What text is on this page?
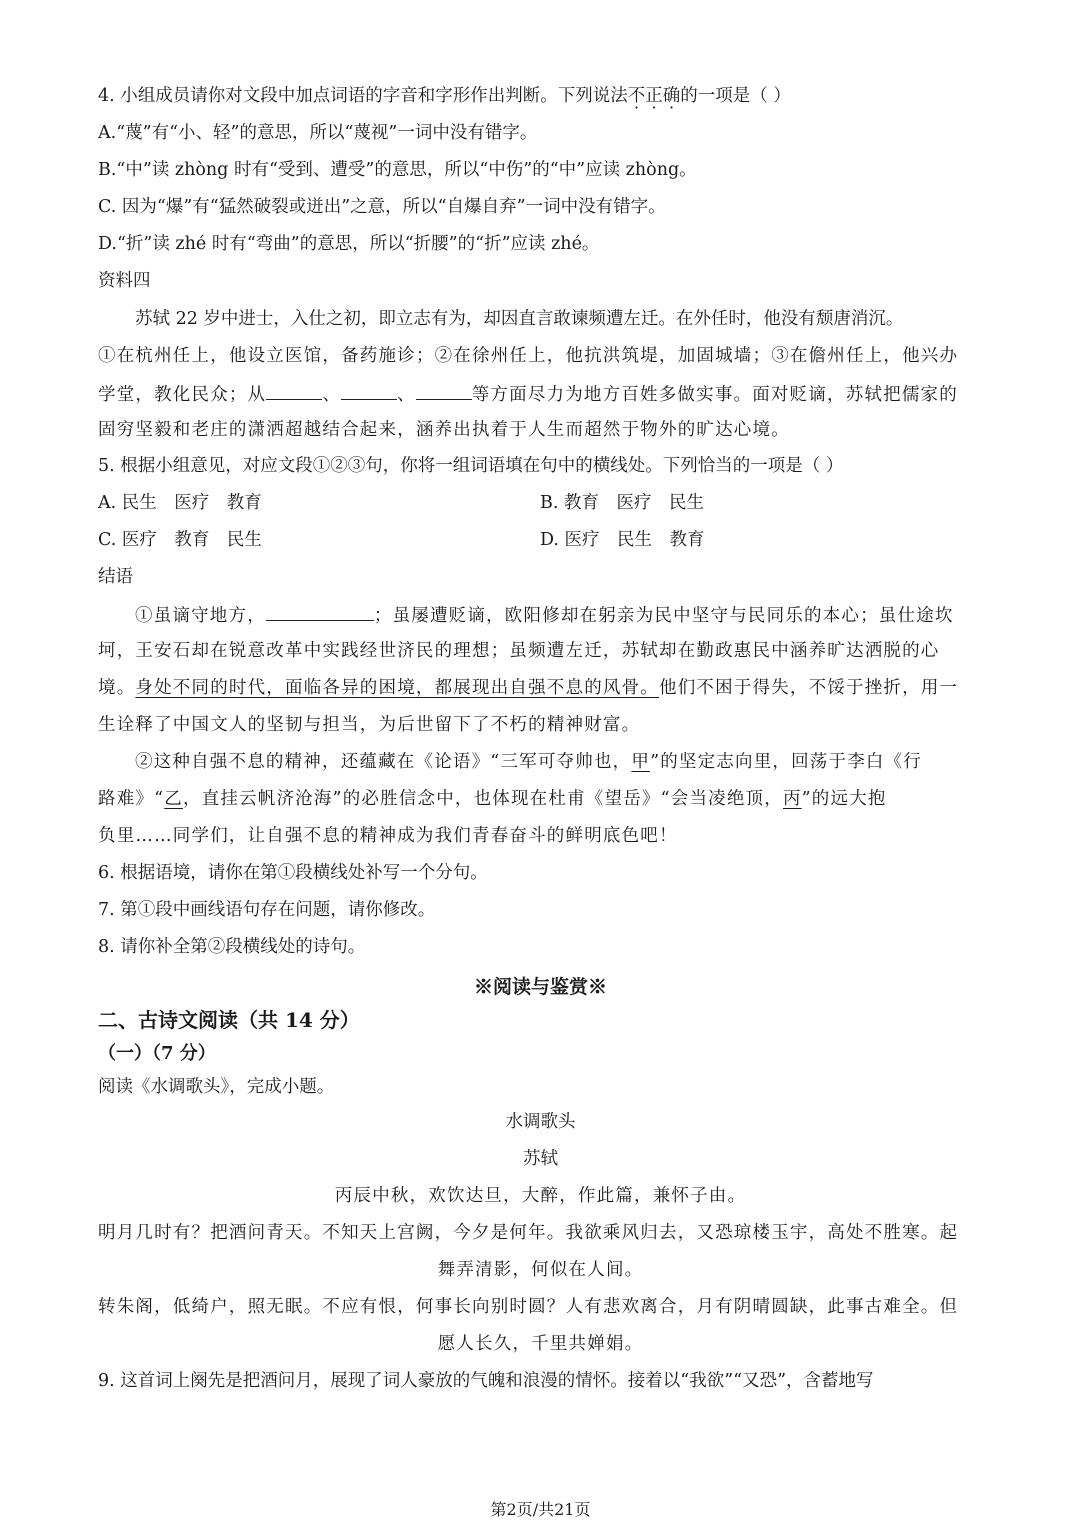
4. 小组成员请你对文段中加点词语的字音和字形作出判断。下列说法不正确的一项是（ ）
A.“蔑”有“小、轻”的意思，所以“蔑视”一词中没有错字。
B.“中”读 zhòng 时有“受到、遭受”的意思，所以“中伤”的“中”应读 zhòng。
C. 因为“爆”有“猛然破裂或迸出”之意，所以“自爆自弃”一词中没有错字。
D.“折”读 zhé 时有“弯曲”的意思，所以“折腰”的“折”应读 zhé。
资料四
苏轼 22 岁中进士，入仕之初，即立志有为，却因直言敢谏频遭左迁。在外任时，他没有颓唐消沉。
①在杭州任上，他设立医馆，备药施诊；②在徐州任上，他抗洪筑堤，加固城墙；③在儋州任上，他兴办
学堂，教化民众；从	、	、	等方面尽力为地方百姓多做实事。面对贬谪，苏轼把儒家的
固穷坚毅和老庄的潇洒超越结合起来，涵养出执着于人生而超然于物外的旷达心境。
5. 根据小组意见，对应文段①②③句，你将一组词语填在句中的横线处。下列恰当的一项是（ ）
A. 民生　医疗　教育	B. 教育　医疗　民生
C. 医疗　教育　民生	D. 医疗　民生　教育
结语
①虽谪守地方，	；虽屡遭贬谪，欧阳修却在躬亲为民中坚守与民同乐的本心；虽仕途坎
坷，王安石却在锐意改革中实践经世济民的理想；虽频遭左迁，苏轼却在勤政惠民中涵养旷达洒脱的心
境。身处不同的时代，面临各异的困境，都展现出自强不息的风骨。他们不困于得失，不馁于挫折，用一
生诠释了中国文人的坚韧与担当，为后世留下了不朽的精神财富。
②这种自强不息的精神，还蕴藏在《论语》“三军可夺帅也，甲”的坚定志向里，回荡于李白《行
路难》“乙，直挂云帆济沧海”的必胜信念中，也体现在杜甫《望岳》“会当凌绝顶，丙”的远大抱
负里……同学们，让自强不息的精神成为我们青春奋斗的鲜明底色吧！
6. 根据语境，请你在第①段横线处补写一个分句。
7. 第①段中画线语句存在问题，请你修改。
8. 请你补全第②段横线处的诗句。
※阅读与鉴赏※
二、古诗文阅读（共 14 分）
（一）（7 分）
阅读《水调歌头》，完成小题。
水调歌头
苏轼
丙辰中秋，欢饮达旦，大醉，作此篇，兼怀子由。
明月几时有？把酒问青天。不知天上宫阙，今夕是何年。我欲乘风归去，又恐琼楼玉宇，高处不胜寒。起
舞弄清影，何似在人间。
转朱阁，低绮户，照无眠。不应有恨，何事长向别时圆？人有悲欢离合，月有阴晴圆缺，此事古难全。但
愿人长久，千里共婵娟。
9. 这首词上阕先是把酒问月，展现了词人豪放的气魄和浪漫的情怀。接着以“我欲”“又恐”，含蓄地写
第2页/共21页
